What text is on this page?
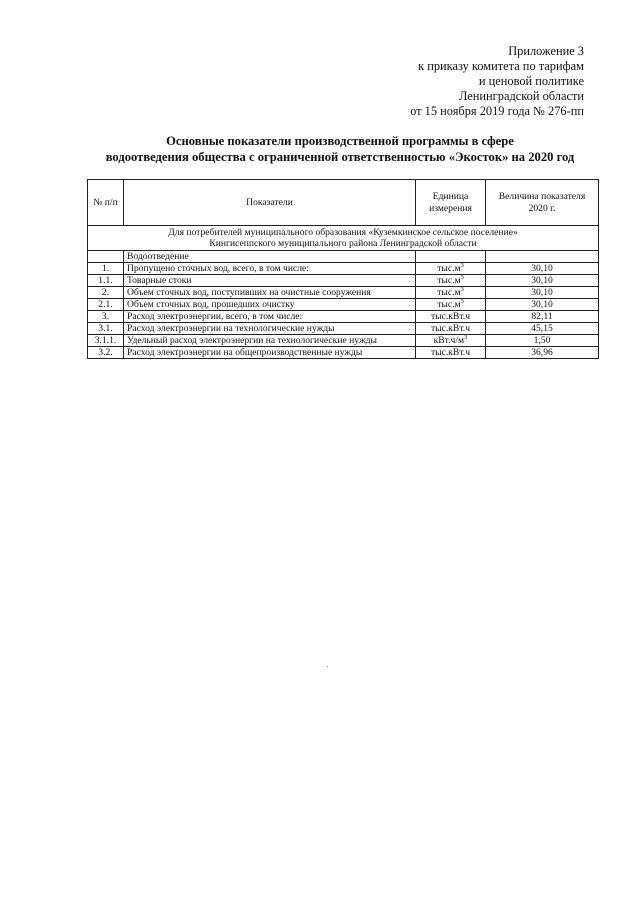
Приложение 3
к приказу комитета по тарифам
и ценовой политике
Ленинградской области
от 15 ноября 2019 года № 276-пп
Основные показатели производственной программы в сфере
водоотведения общества с ограниченной ответственностью «Экосток» на 2020 год
№ п/п	Показатели	Единица измерения	Величина показателя 2020 г.

Для потребителей муниципального образования «Куземкинское сельское поселение»
Кингисеппского муниципального района Ленинградской области			

	Водоотведение		
1.	Пропущено сточных вод, всего, в том числе:	$тыс.м^3$	30,10
1.1.	Товарные стоки	$тыс.м^3$	30,10
2.	Объем сточных вод, поступивших на очистные сооружения	$тыс.м^3$	30,10
2.1.	Объем сточных вод, прошедших очистку	$тыс.м^3$	30,10
3.	Расход электроэнергии, всего, в том числе:	тыс.кВт.ч	82,11
3.1.	Расход электроэнергии на технологические нужды	тыс.кВт.ч	45,15
3.1.1.	Удельный расход электроэнергии на технологические нужды	$кВт.ч/м^3$	1,50
3.2.	Расход электроэнергии на общепроизводственные нужды	тыс.кВт.ч	36,96
